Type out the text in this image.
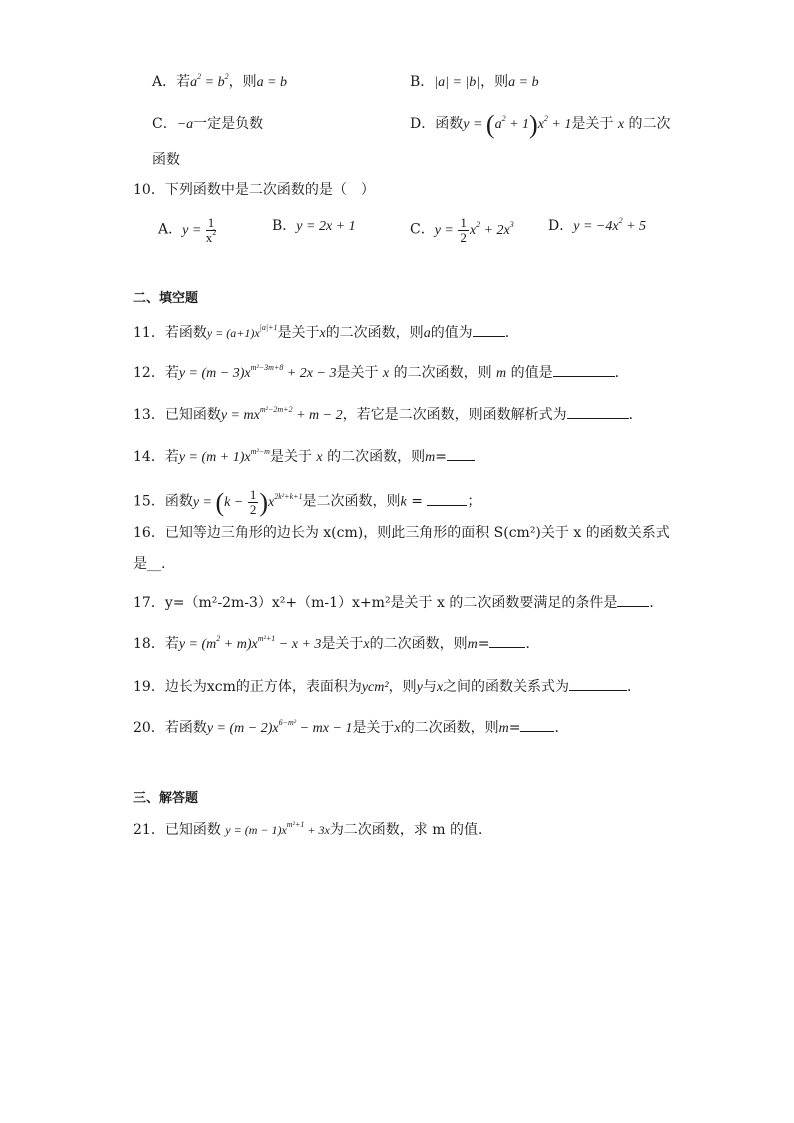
A．若$a^2 = b^2$，则a = b	B．|a| = |b|，则a = b
C．−a一定是负数	D．函数$y = (a^2 + 1)x^2 + 1$是关于 x 的二次
函数
10．下列函数中是二次函数的是（　）
A．$y = \frac{1}{x^2}$	B．y = 2x + 1	C．$y = \frac{1}{2} x^2 + 2x^3$ D．$y = -4x^2 + 5$
二、填空题
11．若函数$y = (a+1)x^{|a|+1}$是关于x的二次函数，则a的值为 ．
12．若$y = (m - 3)x^{m^2-3m+8} + 2x - 3$是关于 x 的二次函数，则 m 的值是	．
13．已知函数$y = mx^{m^2-2m+2} + m - 2$，若它是二次函数，则函数解析式为	．
14．若$y = (m + 1)x^{m^2-m}$是关于 x 的二次函数，则m=
15．函数$y = (k - \frac{1}{2} )x^{2k^2+k+1}$是二次函数，则k =	；
16．已知等边三角形的边长为 x(cm)，则此三角形的面积 S(cm²)关于 x 的函数关系式
是__.
17．y=（m²-2m-3）x²+（m-1）x+m²是关于 x 的二次函数要满足的条件是 ．
18．若$y = (m^2 + m)x^{m^2+1} - x + 3$是关于x的二次函数，则m=	．
19．边长为xcm的正方体，表面积为ycm²，则y与x之间的函数关系式为	．
20．若函数$y = (m - 2)x^{6-m^2}$ − mx − 1是关于x的二次函数，则m= ．
三、解答题
21．已知函数 $y = (m - 1)x^{m^2+1} + 3x$为二次函数，求 m 的值．
